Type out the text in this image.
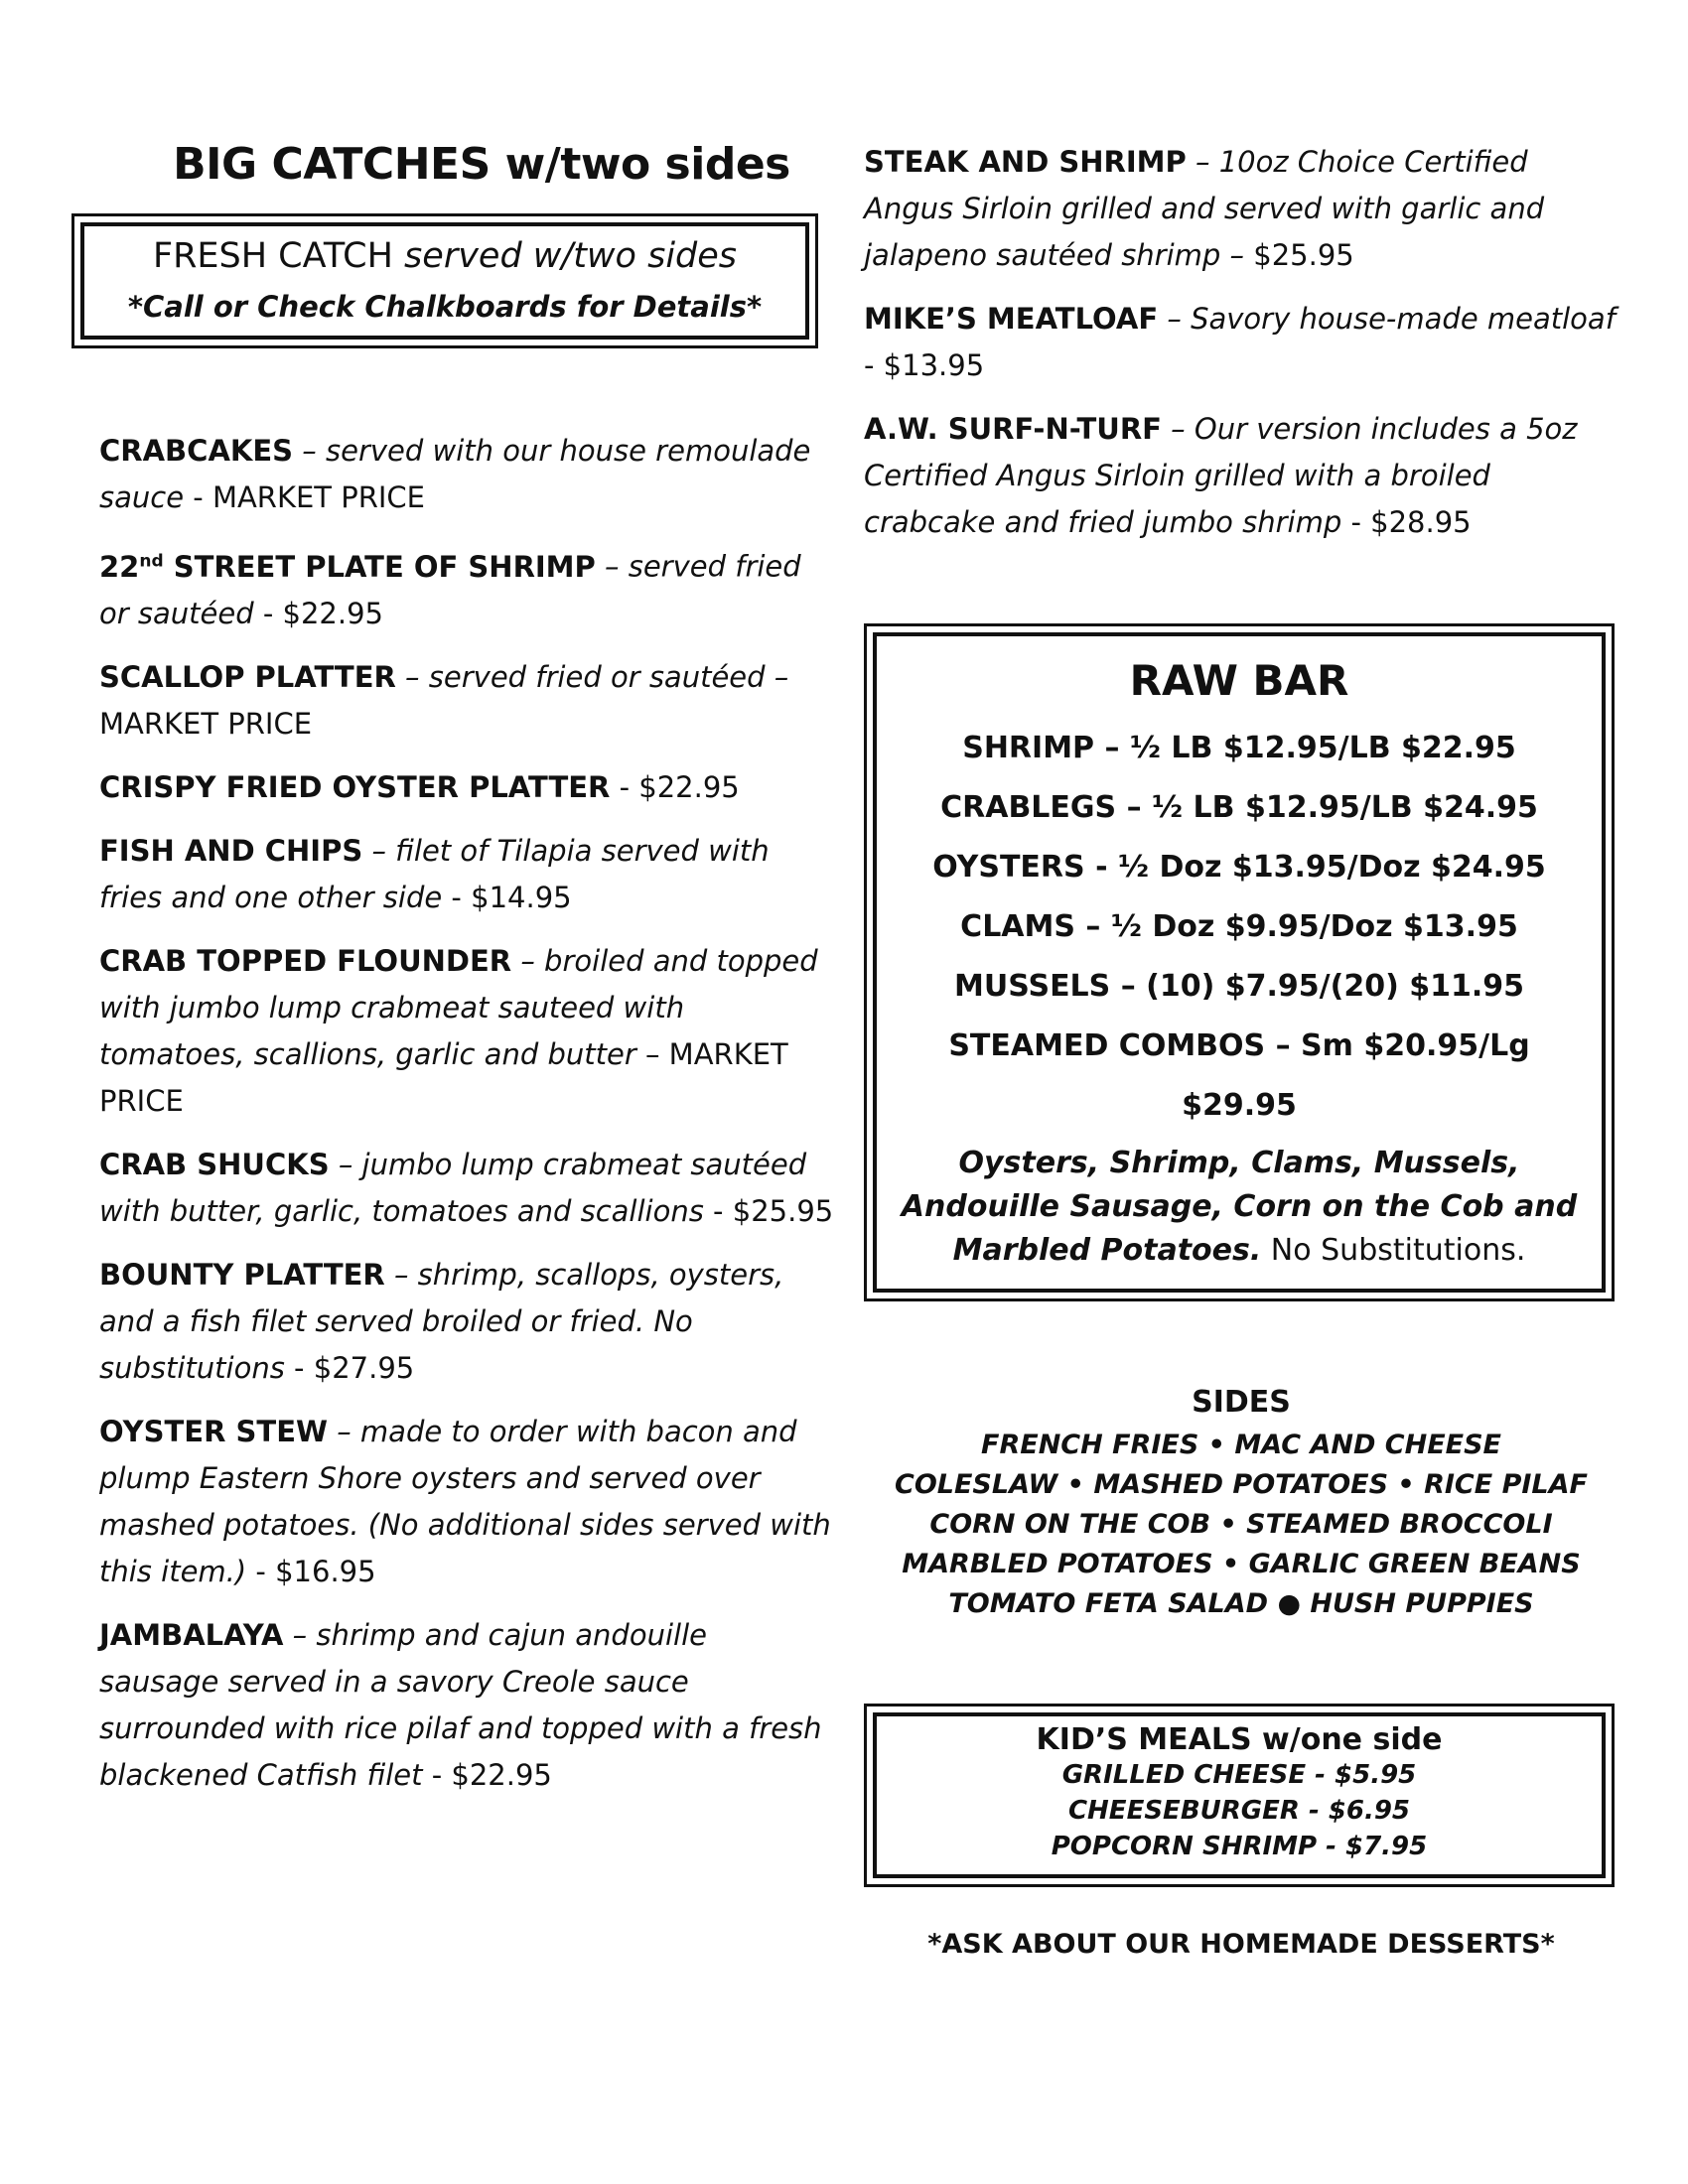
BIG CATCHES w/two sides
FRESH CATCH served w/two sides
*Call or Check Chalkboards for Details*
CRABCAKES – served with our house remoulade sauce - MARKET PRICE
22nd STREET PLATE OF SHRIMP – served fried or sautéed - $22.95
SCALLOP PLATTER – served fried or sautéed – MARKET PRICE
CRISPY FRIED OYSTER PLATTER - $22.95
FISH AND CHIPS – filet of Tilapia served with fries and one other side - $14.95
CRAB TOPPED FLOUNDER – broiled and topped with jumbo lump crabmeat sauteed with tomatoes, scallions, garlic and butter – MARKET PRICE
CRAB SHUCKS – jumbo lump crabmeat sautéed with butter, garlic, tomatoes and scallions - $25.95
BOUNTY PLATTER – shrimp, scallops, oysters, and a fish filet served broiled or fried. No substitutions - $27.95
OYSTER STEW – made to order with bacon and plump Eastern Shore oysters and served over mashed potatoes. (No additional sides served with this item.) - $16.95
JAMBALAYA – shrimp and cajun andouille sausage served in a savory Creole sauce surrounded with rice pilaf and topped with a fresh blackened Catfish filet - $22.95
STEAK AND SHRIMP – 10oz Choice Certified Angus Sirloin grilled and served with garlic and jalapeno sautéed shrimp – $25.95
MIKE’S MEATLOAF – Savory house-made meatloaf - $13.95
A.W. SURF-N-TURF – Our version includes a 5oz Certified Angus Sirloin grilled with a broiled crabcake and fried jumbo shrimp - $28.95
RAW BAR
SHRIMP – ½ LB $12.95/LB $22.95
CRABLEGS – ½ LB $12.95/LB $24.95
OYSTERS - ½ Doz $13.95/Doz $24.95
CLAMS – ½ Doz $9.95/Doz $13.95
MUSSELS – (10) $7.95/(20) $11.95
STEAMED COMBOS – Sm $20.95/Lg
$29.95
Oysters, Shrimp, Clams, Mussels, Andouille Sausage, Corn on the Cob and Marbled Potatoes. No Substitutions.
SIDES
FRENCH FRIES • MAC AND CHEESE
COLESLAW • MASHED POTATOES • RICE PILAF
CORN ON THE COB • STEAMED BROCCOLI
MARBLED POTATOES • GARLIC GREEN BEANS
TOMATO FETA SALAD ● HUSH PUPPIES
KID’S MEALS w/one side
GRILLED CHEESE - $5.95
CHEESEBURGER - $6.95
POPCORN SHRIMP - $7.95
*ASK ABOUT OUR HOMEMADE DESSERTS*
